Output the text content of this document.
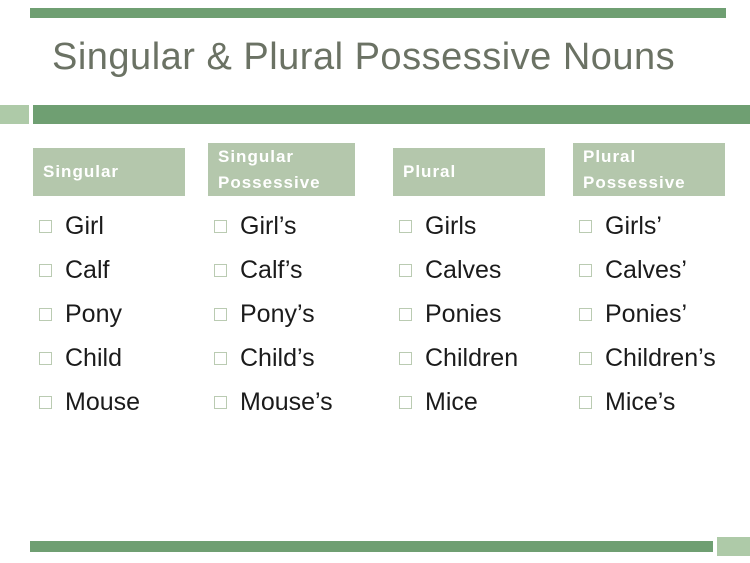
Singular & Plural Possessive Nouns
Singular
Girl
Calf
Pony
Child
Mouse
Singular
Possessive
Girl’s
Calf’s
Pony’s
Child’s
Mouse’s
Plural
Girls
Calves
Ponies
Children
Mice
Plural
Possessive
Girls’
Calves’
Ponies’
Children’s
Mice’s
